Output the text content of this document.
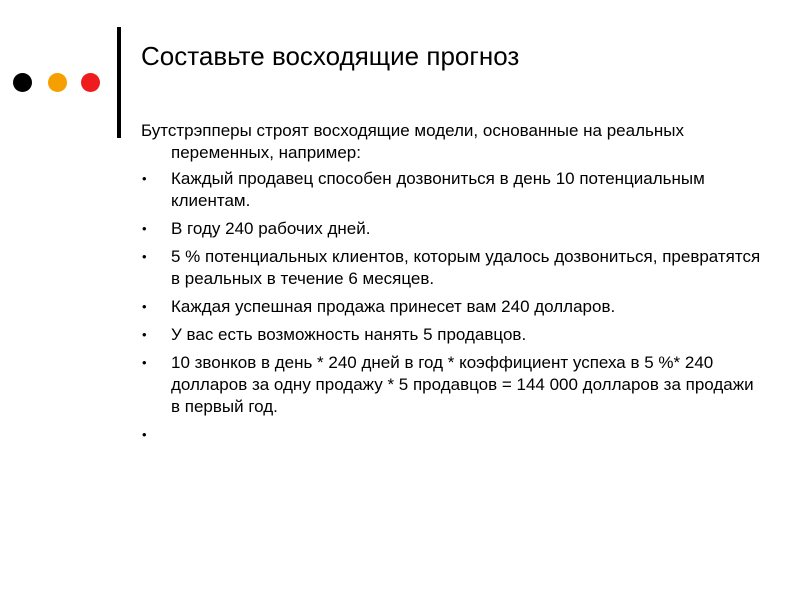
Составьте восходящие прогноз
Бутстрэпперы строят восходящие модели, основанные на реальных переменных, например:
• Каждый продавец способен дозвониться в день 10 потенциальным клиентам.
• В году 240 рабочих дней.
• 5 % потенциальных клиентов, которым удалось дозвониться, превратятся в реальных в течение 6 месяцев.
• Каждая успешная продажа принесет вам 240 долларов.
• У вас есть возможность нанять 5 продавцов.
• 10 звонков в день * 240 дней в год * коэффициент успеха в 5 %* 240 долларов за одну продажу * 5 продавцов = 144 000 долларов за продажи в первый год.
•
